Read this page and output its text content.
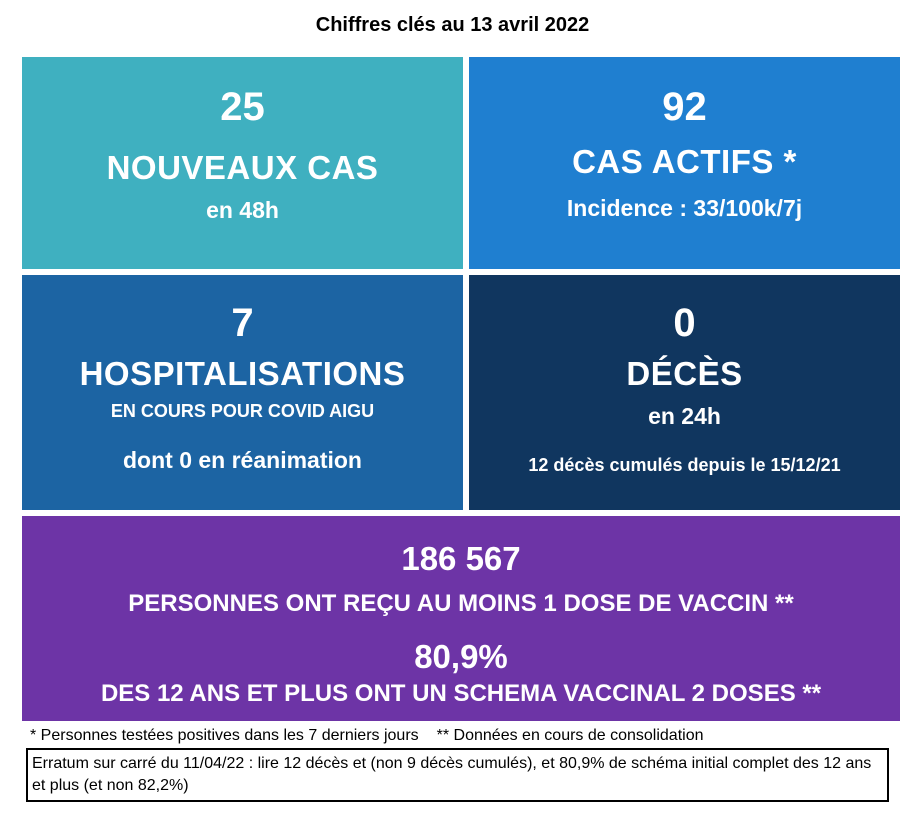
Chiffres clés au 13 avril 2022
25
NOUVEAUX CAS
en 48h
92
CAS ACTIFS *
Incidence : 33/100k/7j
7
HOSPITALISATIONS
EN COURS POUR COVID AIGU
dont 0 en réanimation
0
DÉCÈS
en 24h
12 décès cumulés depuis le 15/12/21
186 567
PERSONNES ONT REÇU AU MOINS 1 DOSE DE VACCIN **
80,9%
DES 12 ANS ET PLUS ONT UN SCHEMA VACCINAL 2 DOSES **
* Personnes testées positives dans les 7 derniers jours ** Données en cours de consolidation
Erratum sur carré du 11/04/22 : lire 12 décès et (non 9 décès cumulés), et 80,9% de schéma initial complet des 12 ans et plus (et non 82,2%)
